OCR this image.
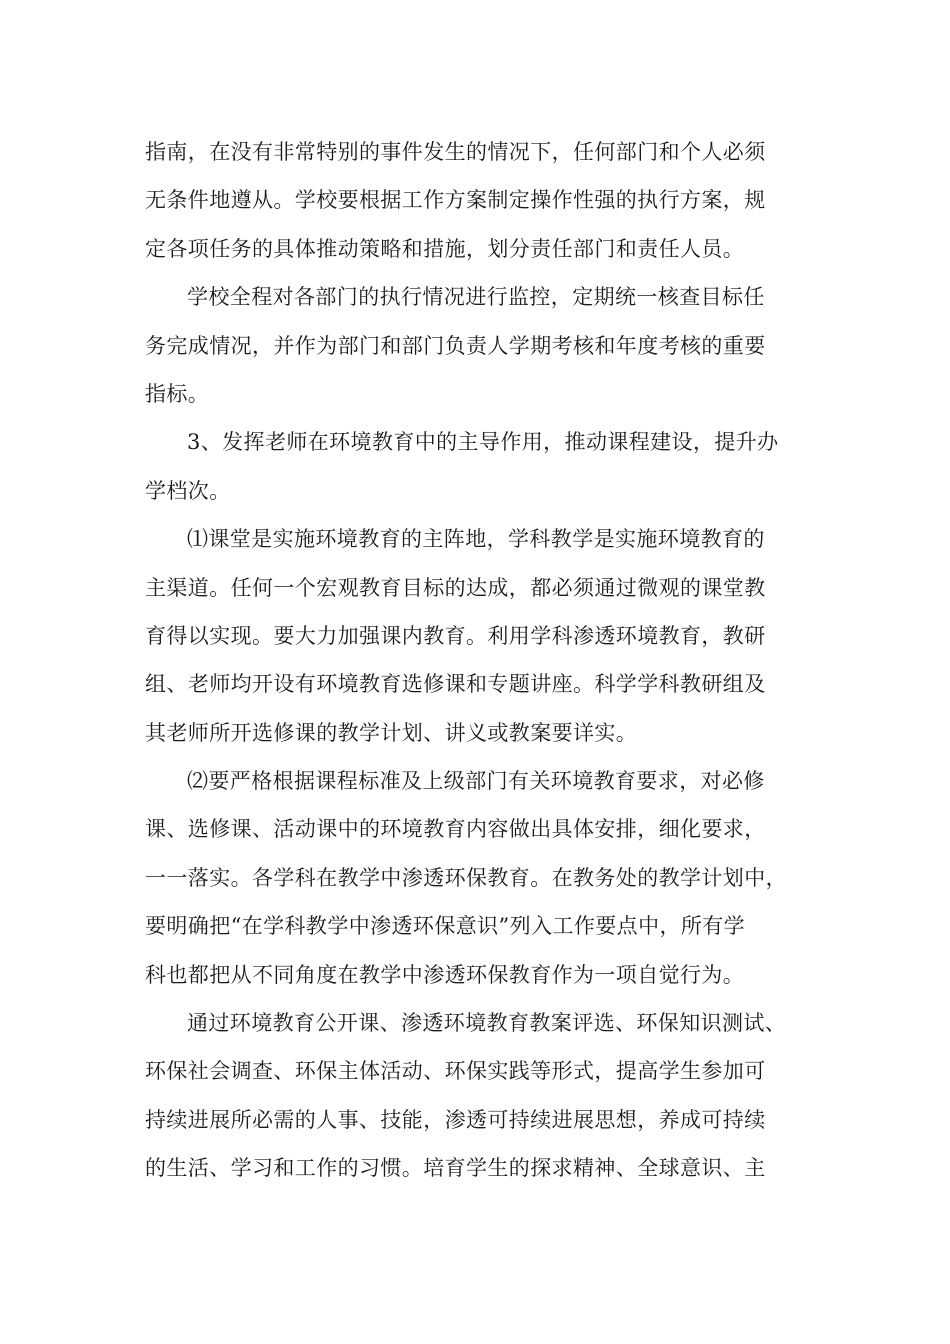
指南，在没有非常特别的事件发生的情况下，任何部门和个人必须
无条件地遵从。学校要根据工作方案制定操作性强的执行方案，规
定各项任务的具体推动策略和措施，划分责任部门和责任人员。
学校全程对各部门的执行情况进行监控，定期统一核查目标任
务完成情况，并作为部门和部门负责人学期考核和年度考核的重要
指标。
3、发挥老师在环境教育中的主导作用，推动课程建设，提升办
学档次。
⑴课堂是实施环境教育的主阵地，学科教学是实施环境教育的
主渠道。任何一个宏观教育目标的达成，都必须通过微观的课堂教
育得以实现。要大力加强课内教育。利用学科渗透环境教育，教研
组、老师均开设有环境教育选修课和专题讲座。科学学科教研组及
其老师所开选修课的教学计划、讲义或教案要详实。
⑵要严格根据课程标准及上级部门有关环境教育要求，对必修
课、选修课、活动课中的环境教育内容做出具体安排，细化要求，
一一落实。各学科在教学中渗透环保教育。在教务处的教学计划中，
要明确把“在学科教学中渗透环保意识”列入工作要点中，所有学
科也都把从不同角度在教学中渗透环保教育作为一项自觉行为。
通过环境教育公开课、渗透环境教育教案评选、环保知识测试、
环保社会调查、环保主体活动、环保实践等形式，提高学生参加可
持续进展所必需的人事、技能，渗透可持续进展思想，养成可持续
的生活、学习和工作的习惯。培育学生的探求精神、全球意识、主
